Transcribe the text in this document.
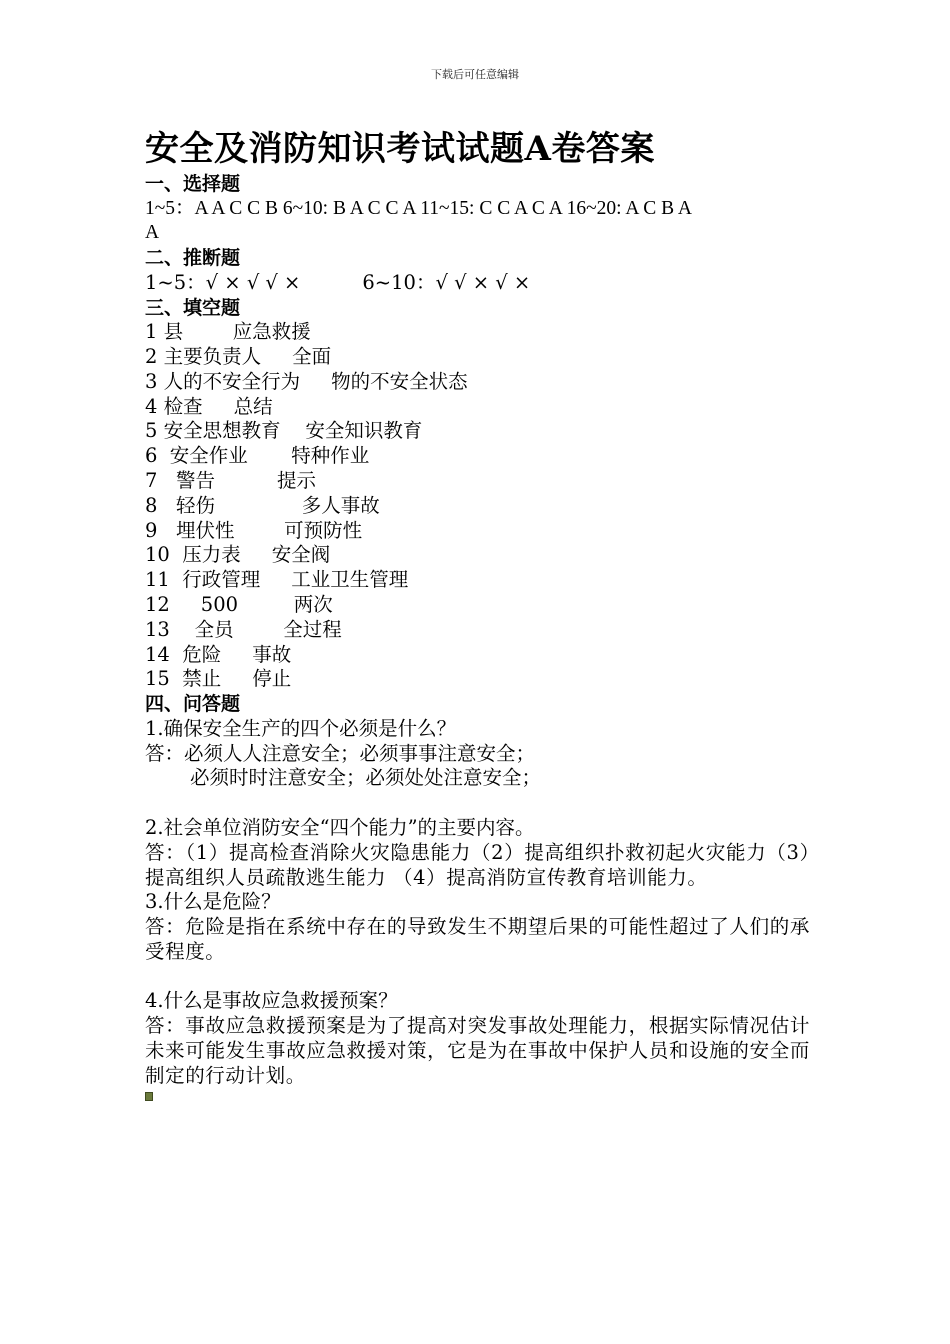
下载后可任意编辑
安全及消防知识考试试题A卷答案
一、选择题
1~5：A A C C B 6~10: B A C C A 11~15: C C A C A 16~20: A C B A
A
二、推断题
1~5：√ × √ √ ×          6~10：√ √ × √ ×
三、填空题
1 县        应急救援
2 主要负责人     全面
3 人的不安全行为     物的不安全状态
4 检查     总结
5 安全思想教育    安全知识教育
6  安全作业       特种作业
7   警告          提示
8   轻伤              多人事故
9   埋伏性        可预防性
10  压力表     安全阀
11  行政管理     工业卫生管理
12     500         两次
13    全员        全过程
14  危险     事故
15  禁止     停止
四、问答题
1.确保安全生产的四个必须是什么？
答：必须人人注意安全；必须事事注意安全；
必须时时注意安全；必须处处注意安全；
2.社会单位消防安全“四个能力”的主要内容。
答：（1）提高检查消除火灾隐患能力（2）提高组织扑救初起火灾能力（3）提高组织人员疏散逃生能力 （4）提高消防宣传教育培训能力。
3.什么是危险？
答：危险是指在系统中存在的导致发生不期望后果的可能性超过了人们的承受程度。
4.什么是事故应急救援预案？
答：事故应急救援预案是为了提高对突发事故处理能力，根据实际情况估计未来可能发生事故应急救援对策，它是为在事故中保护人员和设施的安全而制定的行动计划。
